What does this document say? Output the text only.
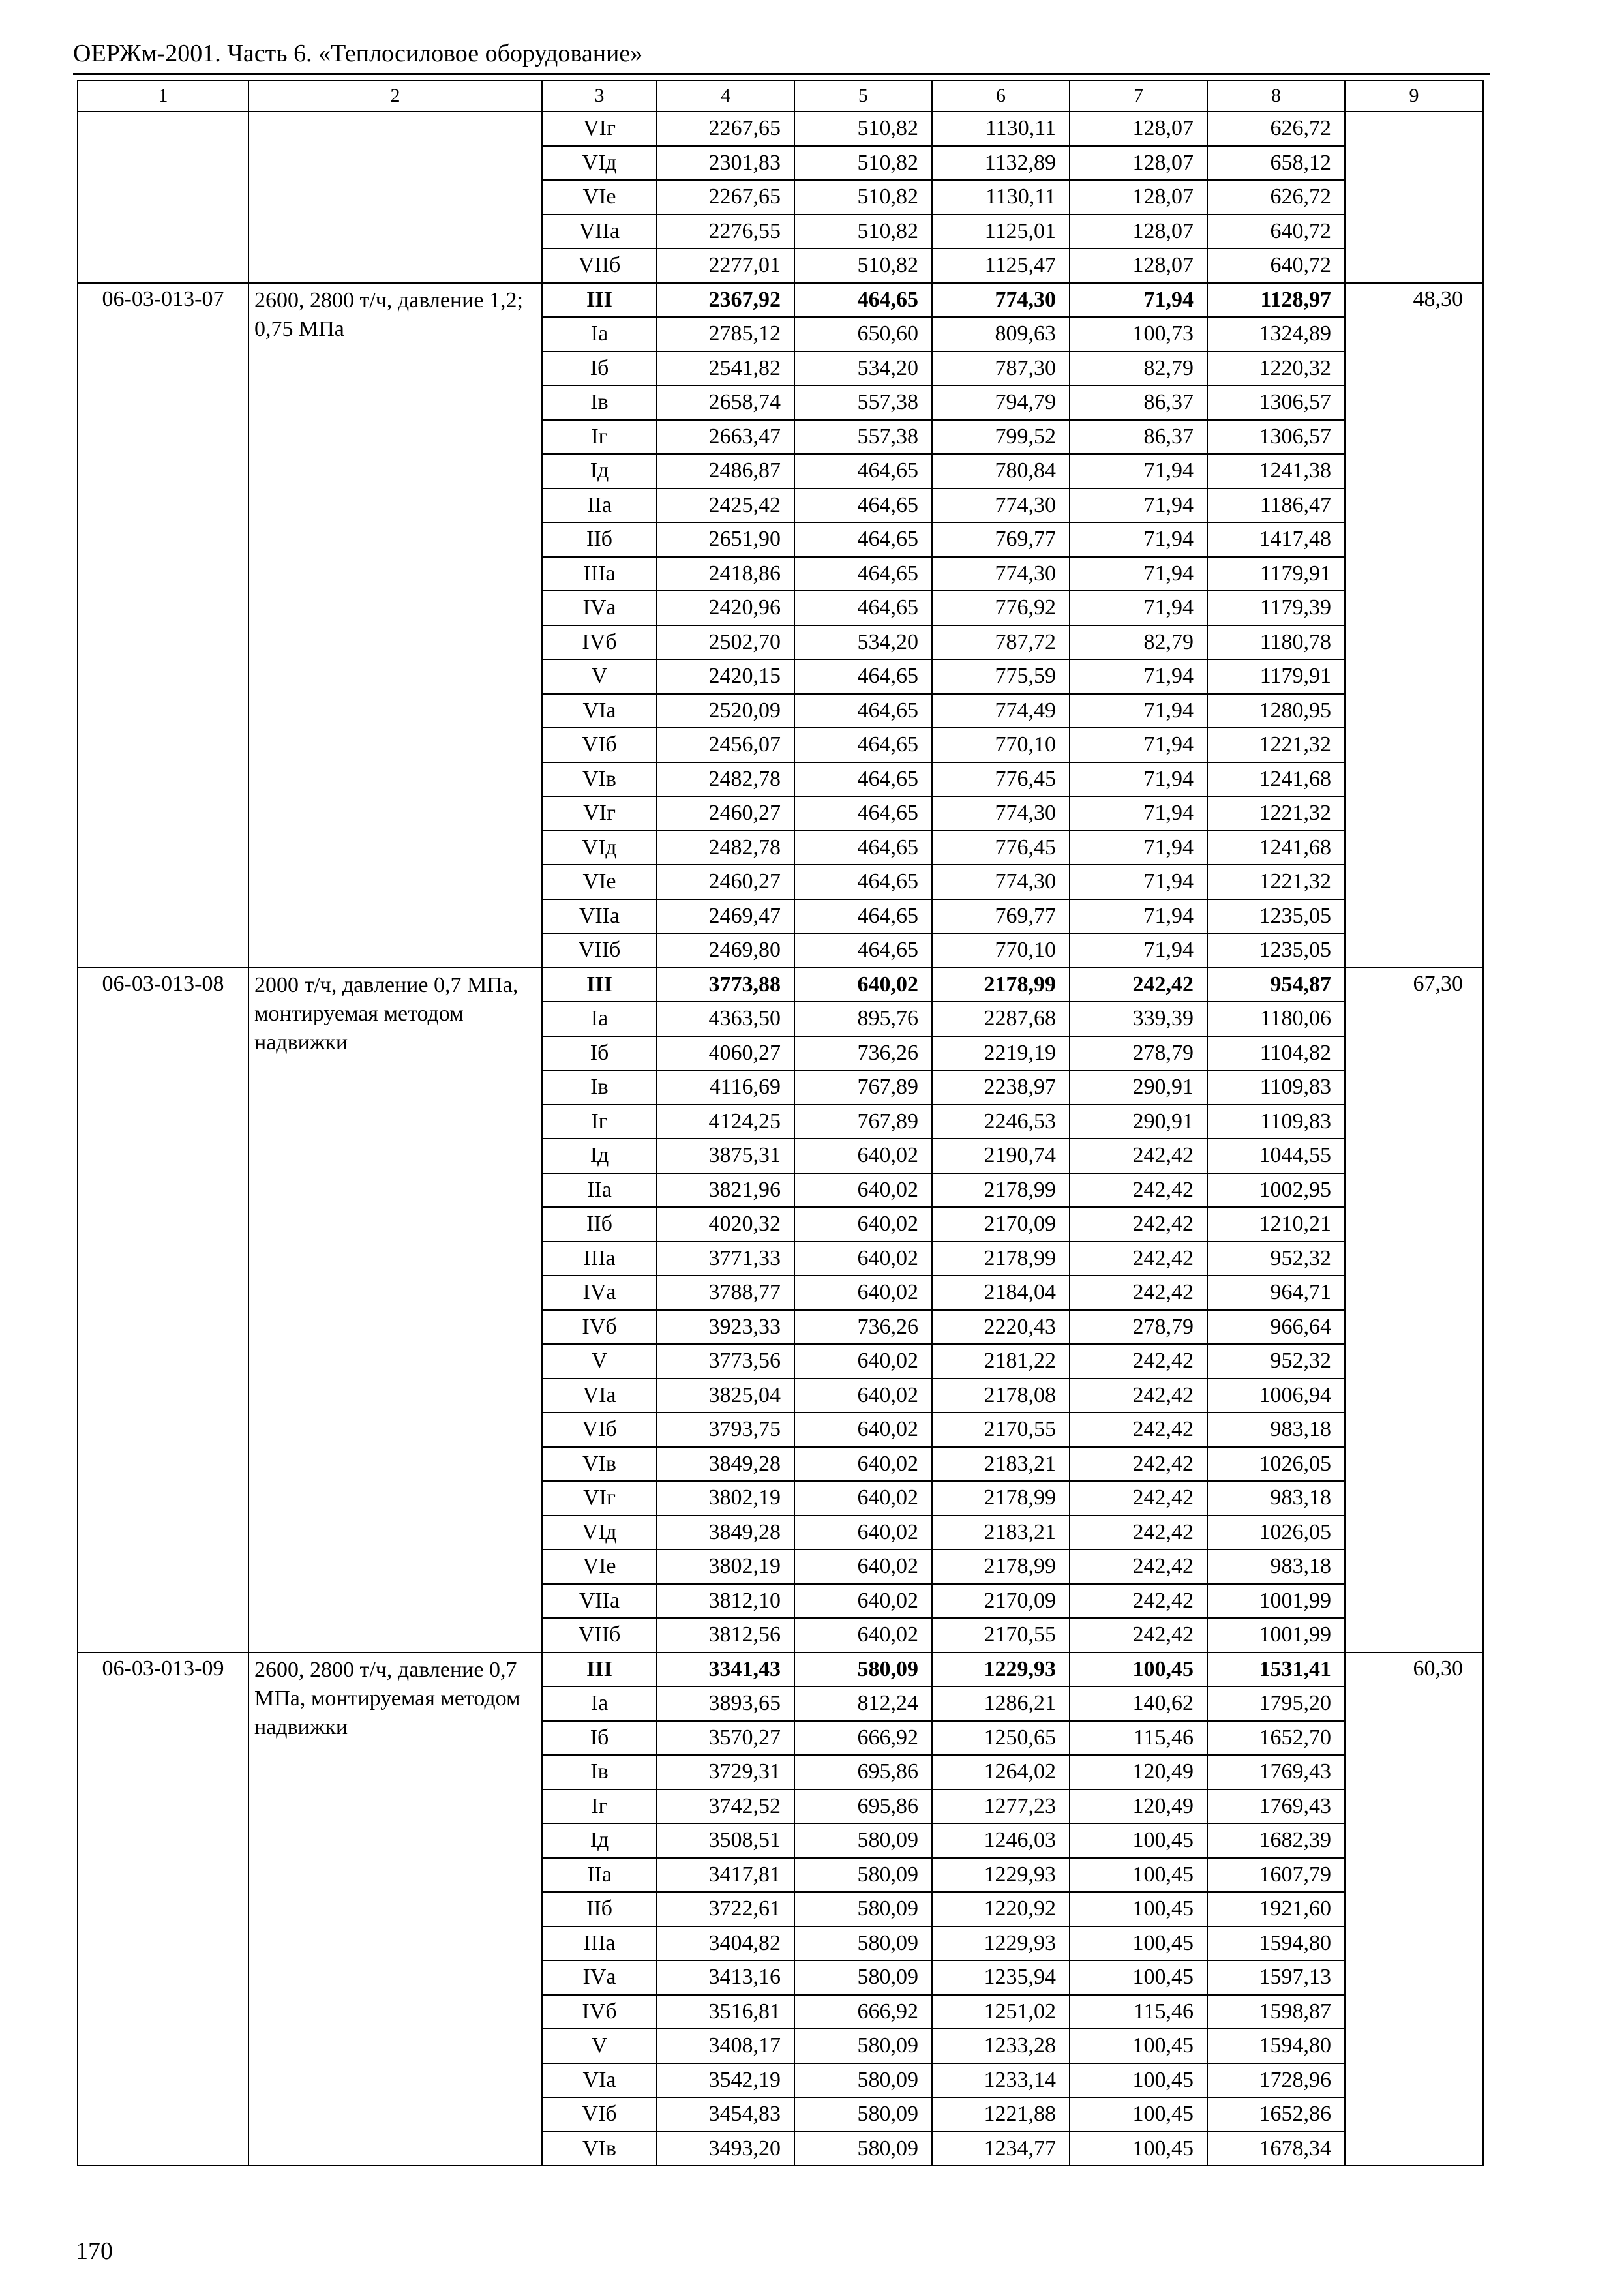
ОЕРЖм-2001. Часть 6. «Теплосиловое оборудование»
1	2	3	4	5	6	7	8	9
		VIг	2267,65	510,82	1130,11	128,07	626,72	
		VIд	2301,83	510,82	1132,89	128,07	658,12	
		VIе	2267,65	510,82	1130,11	128,07	626,72	
		VIIа	2276,55	510,82	1125,01	128,07	640,72	
		VIIб	2277,01	510,82	1125,47	128,07	640,72	
06-03-013-07	2600, 2800 т/ч, давление 1,2; 0,75 МПа	III	2367,92	464,65	774,30	71,94	1128,97	48,30
		Iа	2785,12	650,60	809,63	100,73	1324,89	
		Iб	2541,82	534,20	787,30	82,79	1220,32	
		Iв	2658,74	557,38	794,79	86,37	1306,57	
		Iг	2663,47	557,38	799,52	86,37	1306,57	
		Iд	2486,87	464,65	780,84	71,94	1241,38	
		IIа	2425,42	464,65	774,30	71,94	1186,47	
		IIб	2651,90	464,65	769,77	71,94	1417,48	
		IIIа	2418,86	464,65	774,30	71,94	1179,91	
		IVа	2420,96	464,65	776,92	71,94	1179,39	
		IVб	2502,70	534,20	787,72	82,79	1180,78	
		V	2420,15	464,65	775,59	71,94	1179,91	
		VIа	2520,09	464,65	774,49	71,94	1280,95	
		VIб	2456,07	464,65	770,10	71,94	1221,32	
		VIв	2482,78	464,65	776,45	71,94	1241,68	
		VIг	2460,27	464,65	774,30	71,94	1221,32	
		VIд	2482,78	464,65	776,45	71,94	1241,68	
		VIе	2460,27	464,65	774,30	71,94	1221,32	
		VIIа	2469,47	464,65	769,77	71,94	1235,05	
		VIIб	2469,80	464,65	770,10	71,94	1235,05	
06-03-013-08	2000 т/ч, давление 0,7 МПа, монтируемая методом надвижки	III	3773,88	640,02	2178,99	242,42	954,87	67,30
		Iа	4363,50	895,76	2287,68	339,39	1180,06	
		Iб	4060,27	736,26	2219,19	278,79	1104,82	
		Iв	4116,69	767,89	2238,97	290,91	1109,83	
		Iг	4124,25	767,89	2246,53	290,91	1109,83	
		Iд	3875,31	640,02	2190,74	242,42	1044,55	
		IIа	3821,96	640,02	2178,99	242,42	1002,95	
		IIб	4020,32	640,02	2170,09	242,42	1210,21	
		IIIа	3771,33	640,02	2178,99	242,42	952,32	
		IVа	3788,77	640,02	2184,04	242,42	964,71	
		IVб	3923,33	736,26	2220,43	278,79	966,64	
		V	3773,56	640,02	2181,22	242,42	952,32	
		VIа	3825,04	640,02	2178,08	242,42	1006,94	
		VIб	3793,75	640,02	2170,55	242,42	983,18	
		VIв	3849,28	640,02	2183,21	242,42	1026,05	
		VIг	3802,19	640,02	2178,99	242,42	983,18	
		VIд	3849,28	640,02	2183,21	242,42	1026,05	
		VIе	3802,19	640,02	2178,99	242,42	983,18	
		VIIа	3812,10	640,02	2170,09	242,42	1001,99	
		VIIб	3812,56	640,02	2170,55	242,42	1001,99	
06-03-013-09	2600, 2800 т/ч, давление 0,7 МПа, монтируемая методом надвижки	III	3341,43	580,09	1229,93	100,45	1531,41	60,30
		Iа	3893,65	812,24	1286,21	140,62	1795,20	
		Iб	3570,27	666,92	1250,65	115,46	1652,70	
		Iв	3729,31	695,86	1264,02	120,49	1769,43	
		Iг	3742,52	695,86	1277,23	120,49	1769,43	
		Iд	3508,51	580,09	1246,03	100,45	1682,39	
		IIа	3417,81	580,09	1229,93	100,45	1607,79	
		IIб	3722,61	580,09	1220,92	100,45	1921,60	
		IIIа	3404,82	580,09	1229,93	100,45	1594,80	
		IVа	3413,16	580,09	1235,94	100,45	1597,13	
		IVб	3516,81	666,92	1251,02	115,46	1598,87	
		V	3408,17	580,09	1233,28	100,45	1594,80	
		VIа	3542,19	580,09	1233,14	100,45	1728,96	
		VIб	3454,83	580,09	1221,88	100,45	1652,86	
		VIв	3493,20	580,09	1234,77	100,45	1678,34	
170
